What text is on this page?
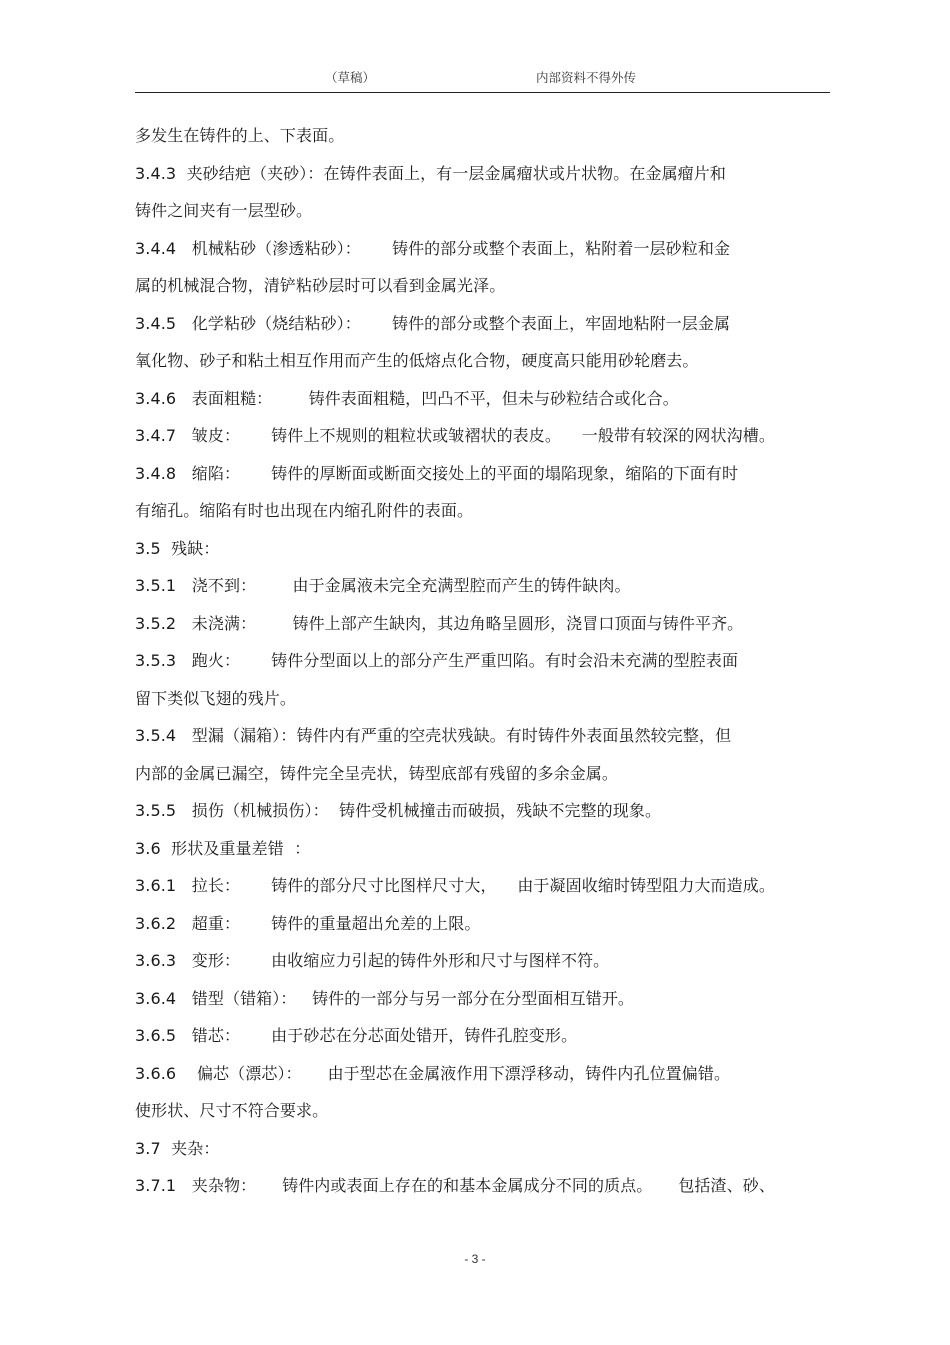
（草稿）	内部资料不得外传
多发生在铸件的上、下表面。
3.4.3  夹砂结疤（夹砂）：在铸件表面上，有一层金属瘤状或片状物。在金属瘤片和
铸件之间夹有一层型砂。
3.4.4   机械粘砂（渗透粘砂）：      铸件的部分或整个表面上，粘附着一层砂粒和金
属的机械混合物，清铲粘砂层时可以看到金属光泽。
3.4.5   化学粘砂（烧结粘砂）：      铸件的部分或整个表面上，牢固地粘附一层金属
氧化物、砂子和粘土相互作用而产生的低熔点化合物，硬度高只能用砂轮磨去。
3.4.6   表面粗糙：       铸件表面粗糙，凹凸不平，但未与砂粒结合或化合。
3.4.7   皱皮：      铸件上不规则的粗粒状或皱褶状的表皮。    一般带有较深的网状沟槽。
3.4.8   缩陷：      铸件的厚断面或断面交接处上的平面的塌陷现象，缩陷的下面有时
有缩孔。缩陷有时也出现在内缩孔附件的表面。
3.5  残缺：
3.5.1   浇不到：       由于金属液未完全充满型腔而产生的铸件缺肉。
3.5.2   未浇满：       铸件上部产生缺肉，其边角略呈圆形，浇冒口顶面与铸件平齐。
3.5.3   跑火：      铸件分型面以上的部分产生严重凹陷。有时会沿未充满的型腔表面
留下类似飞翅的残片。
3.5.4   型漏（漏箱）：铸件内有严重的空壳状残缺。有时铸件外表面虽然较完整，但
内部的金属已漏空，铸件完全呈壳状，铸型底部有残留的多余金属。
3.5.5   损伤（机械损伤）：  铸件受机械撞击而破损，残缺不完整的现象。
3.6  形状及重量差错  ：
3.6.1   拉长：      铸件的部分尺寸比图样尺寸大，    由于凝固收缩时铸型阻力大而造成。
3.6.2   超重：      铸件的重量超出允差的上限。
3.6.3   变形：      由收缩应力引起的铸件外形和尺寸与图样不符。
3.6.4   错型（错箱）：   铸件的一部分与另一部分在分型面相互错开。
3.6.5   错芯：      由于砂芯在分芯面处错开，铸件孔腔变形。
3.6.6    偏芯（漂芯）：     由于型芯在金属液作用下漂浮移动，铸件内孔位置偏错。
使形状、尺寸不符合要求。
3.7  夹杂：
3.7.1   夹杂物：     铸件内或表面上存在的和基本金属成分不同的质点。     包括渣、砂、
- 3 -
